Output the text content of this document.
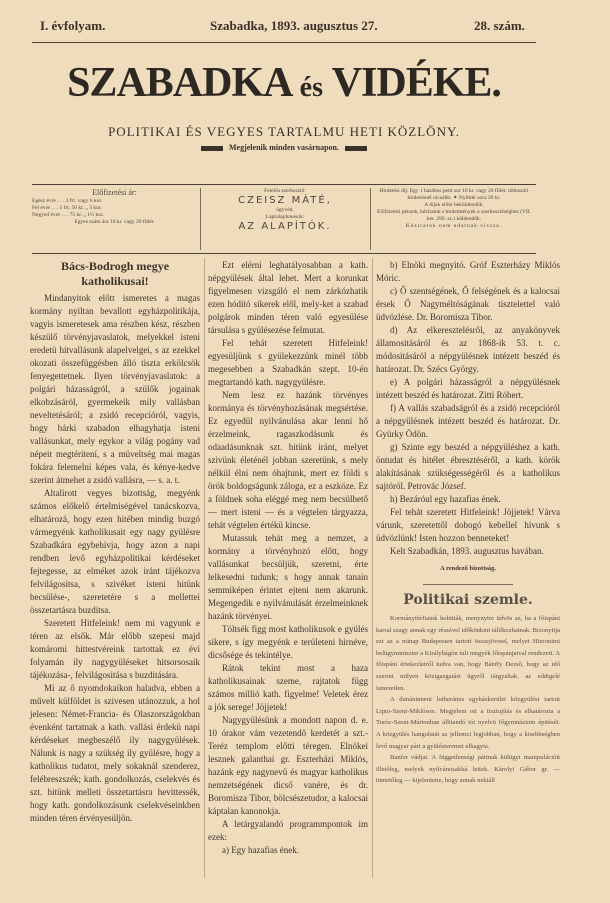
I. évfolyam.	Szabadka, 1893. augusztus 27.	28. szám.
SZABADKA és VIDÉKE.
POLITIKAI ÉS VEGYES TARTALMU HETI KÖZLÖNY.
Megjelenik minden vasárnapon.
Előfizetési ár:
Egész évre . . . 3 frt. vagy 6 kor.
Fél évre . . . 1 frt. 50 kr. „ 3 kor.
Negyed évre . . . 75 kr. „ 1½ kor.
Egyes szám ára 10 kr. vagy 20 fillér.
Felelős szerkesztő:
CZEISZ MÁTÉ,
ügyvéd.
Laptulajdonosok:
AZ ALAPÍTÓK.
Hirdetési díj: Egy 1 hasábos petit sor 10 kr. vagy 20 fillér. többszöri hirdetésnél olcsóbb. ✦ Nyilttér sora 20 kr.
A díjak előre beküldendők.
Előfizetési pénzek, kéziratok s hirdetmények a szerkesztőséghez (VII. ker. 299. sz.) küldendők.
Kéziratok nem adatnak vissza.
Bács-Bodrogh megye katholikusai!

Mindanyitok előtt ismeretes a magas kormány nyiltan bevallott egyházpolitikája, vagyis ismeretesek ama részben kész, részben készülő törvényjavaslatok, melyekkel isteni eredetü hitvallásunk alapelvelgei, s az ezekkel okozati összefüggésben álló tiszta erkölcsök fenyegettetnek. Ilyen törvényjavaslatok: a polgári házasságról, a szülők jogainak elkobzásáról, gyermekeik mily vallásban neveltetésáról; a zsidó recepcióról, vagyis, hogy bárki szabadon elhagyhatja isteni vallásunkat, mely egykor a világ pogány vad népeit megtéritení, s a müveltség mai magas fokára felemelni képes vala, és kénye-kedve szerint átmehet a zsidó vallásra, — s. a. t.

Altalirott vegyes bizottság, megyénk számos előkelő értelmiségével tanácskozva, elhatározá, hogy ezen hitében mindig buzgó vármegyénk katholikusait egy nagy gyülésre Szabadkára egybehivja, hogy azon a napi rendben levő egyházpolitikai kérdéseket fejtegesse, az elméket azok iránt tájékozva felvilágositsa, s szivéket isteni hitünk becsülése-, szeretetére s a mellettei összetartásra buzdítsa.

Szeretett Hitfeleink! nem mi vagyunk e téren az elsők. Már előbb szepesi majd komáromi hittestvéreink tartottak ez évi folyamán ily nagygyüléseket hitsorsosaik tájékozása-, felvilágositása s buzditására.

Mi az ő nyomdokaikon haladva, ebben a művelt külföldet is szivesen utánozzuk, a hol jelesen: Német-Francia- és Olaszországokban évenként tartatnak a kath. vallási érdekü napi kérdéseket megbeszélő ily nagygyülések. Nálunk is nagy a szükség ily gyülésre, hogy a katholikus tudatot, mely sokaknál szenderez, felébreszszék; kath. gondolkozás, cselekvés és szt. hitünk melleti összetartásra hevittessék, hogy kath. gondolkozásunk cselekvéseinkben minden téren érvényesüljön.

Ezt elérni leghatályosabban a kath. népgyülések által lehet. Mert a korunkat figyelmesen vizsgáló el nem zárkózhatik ezen hódító sikerek elől, mely-ket a szabad polgárok minden téren való egyesülése társulása s gyülésezése felmutat.

Fel tehát szeretett Hitfeleink! egyesüljünk s gyülekezzünk minél több megesebben a Szabadkán szept. 10-én megtartandó kath. nagygyülésre.

Nem lesz ez hazánk törvényes kormánya és törvényhozásának megsértése. Ez egyedül nyilvánulása akar lenni hő érzelmeink, ragaszkodásunk és odaadásunknak szt. hitünk iránt, melyet szivünk életénél jobban szeretünk, s mely nélkül élni nem óhajtunk, mert ez földi s örök boldogságunk záloga, ez a eszköze. Ez a földnek soha eléggé meg nem becsülhető — mert isteni — és a végtelen tárgyazza, tehát végtelen értékü kincse.

Mutassuk tehát meg a nemzet, a kormány a törvényhozó előtt, hogy vallásunkat becsüljük, szeretni, érte lelkesedni tudunk; s hogy annak tanain semmiképen érintet ejteni nem akarunk. Megengedik e nyilvánulását érzelmeinknek hazánk törvényei.

Töltsék figg most katholikusok e gyülés sikere, s így megyénk e területeni hirnéve, dicsősége és tekintélye.

Rátok tekint most a haza katholikusainak szeme, rajtatok függ számos millió kath. figyelme! Veletek érez a jók serege! Jöjjetek!

Nagygyülésünk a mondott napon d. e. 10 órakor vám vezetendő kerdetét a szt.-Teréz templom előtti téregen. Elnökei lesznek galanthai gr. Eszterházi Miklós, hazánk egy nagynevű és magyar katholikus nemzetségének dicső vanére, és dr. Boromisza Tibor, bölcsészetudor, a kalocsai káptalan kanonokja.

A letárgyalandó programmpontok im ezek:

a) Egy hazafias ének.

b) Elnöki megnyitó. Gróf Eszterházy Miklós Móric.

c) Ő szentségének, Ő felségének és a kalocsai érsek Ő Nagyméltóságának tisztelettel való üdvözlése. Dr. Boromisza Tibor.

d) Az elkeresztelésről, az anyakönyvek államositásáról és az 1868-ik 53. t. c. módositásáról a népgyülésnek intézett beszéd és határozat. Dr. Szécs György.

e) A polgári házasságról a népgyülésnek intézett beszéd és határozat. Zitti Róbert.

f) A vallás szabadságról és a zsidó recepcióról a népgyülésnek intézett beszéd és határozat. Dr. Gyürky Ödön.

g) Szinte egy beszéd a népgyüléshez a kath. öntudat és hitélet ébresztéséről, a kath. körök alakításának szükségességéről és a katholikus sajtóról. Petrovác József.

h) Bezáróul egy hazafias ének.

Fel tehát szeretett Hitfeleink! Jöjjetek! Várva várunk, szeretettől dobogó kebellel hivunk s üdvözlünk! Isten hozzon benneteket!

Kelt Szabadkán, 1893. augusztus havában.

A rendező bizottság.
Politikai szemle.

Kormányférfiaink hobitták, menynyire üdvös az, ha a főispáni karral szagy annak egy részével időkönkint tálilkozhatnak. Bizonyitja ezt az a minap Budapesten tartott összejövetel, melyet Hieronimi belügyminiszter a Királyhágón tuli megyék főispánjaival rendezett. A főispáni értekezletről tudva van, hogy Bánffy Dezső, hogy az idő szerint milyen közigazgatási ügyről tárgyaltak, az eddigelé ismeretlen.

A dunáninneni lutheránus egyházkerület közgyülést tartott Lipto-Szent-Miklóson. Megjelent ott a tisztujítás és elhatározta a Turóc-Szent-Mártonban állitandó tót nyelvü főgymnáziom épitését. A közgyülés hangulatát az jellemzi legjobban, hogy a kisebbségben levő magyar párt a gyülésteremet elhagyta.

Banfer vádjai. A függetlenségi pártnak külügyi manipulációit illetőleg, melyek nyilvánosakká lettek. Károlyi Gábor gr. — tüntetőleg — kijelentette, hogy annak nekiáll
